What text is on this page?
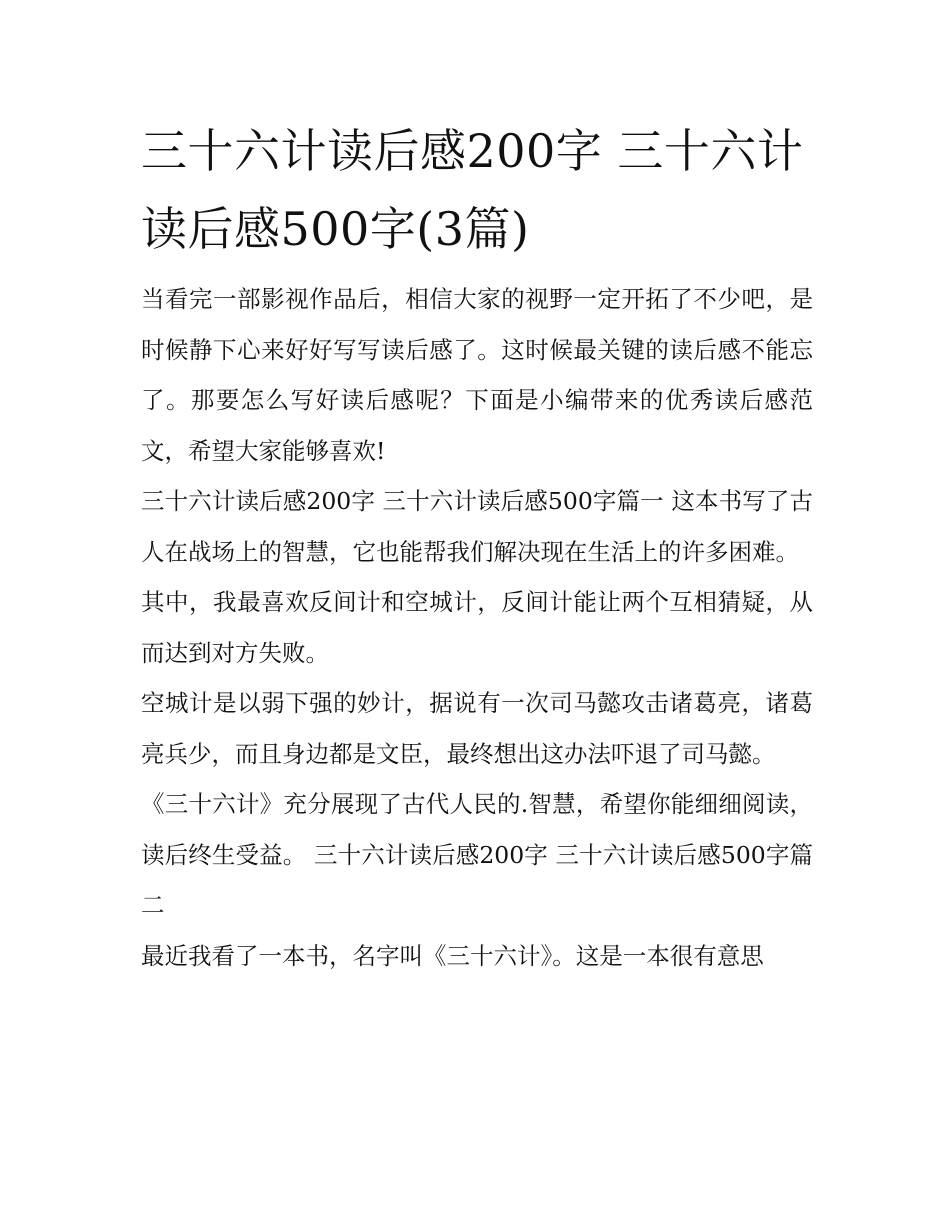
三十六计读后感200字 三十六计读后感500字(3篇)

当看完一部影视作品后，相信大家的视野一定开拓了不少吧，是时候静下心来好好写写读后感了。这时候最关键的读后感不能忘了。那要怎么写好读后感呢？下面是小编带来的优秀读后感范文，希望大家能够喜欢!

三十六计读后感200字 三十六计读后感500字篇一 这本书写了古人在战场上的智慧，它也能帮我们解决现在生活上的许多困难。

其中，我最喜欢反间计和空城计，反间计能让两个互相猜疑，从而达到对方失败。

空城计是以弱下强的妙计，据说有一次司马懿攻击诸葛亮，诸葛亮兵少，而且身边都是文臣，最终想出这办法吓退了司马懿。

《三十六计》充分展现了古代人民的.智慧，希望你能细细阅读，读后终生受益。 三十六计读后感200字 三十六计读后感500字篇二

最近我看了一本书，名字叫《三十六计》。这是一本很有意思
